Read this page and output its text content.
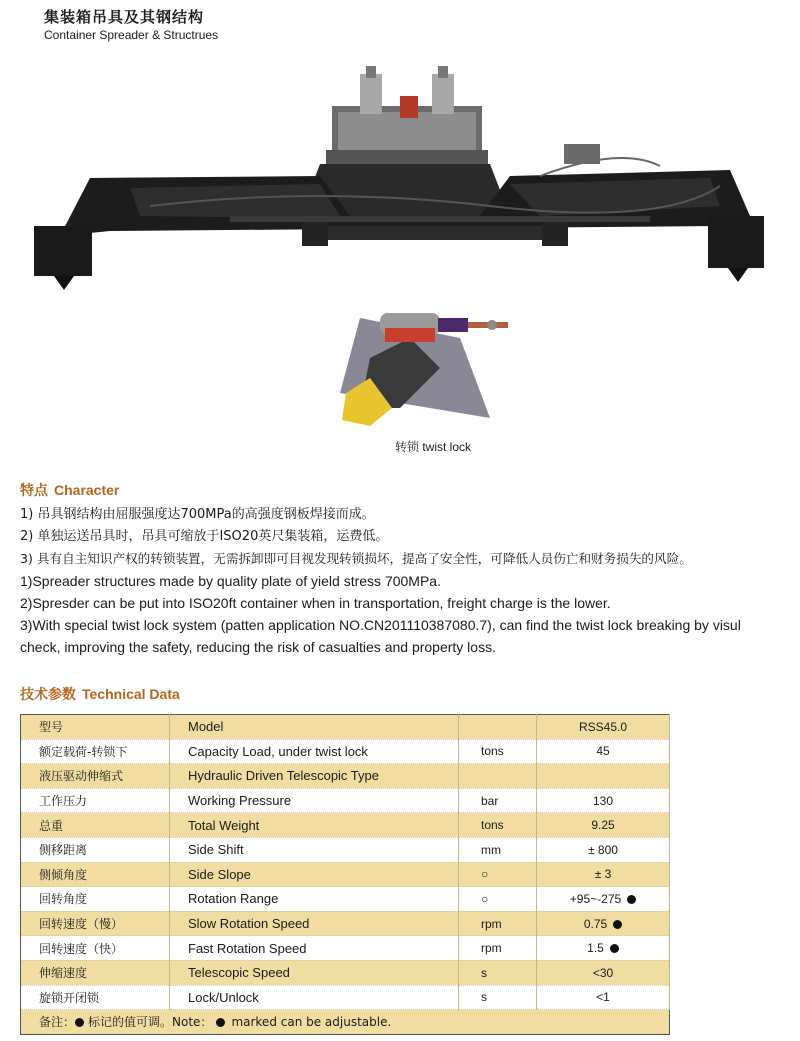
集装箱吊具及其钢结构
Container Spreader & Structrues
转锁 twist lock
特点 Character
1) 吊具钢结构由屈服强度达700MPa的高强度钢板焊接而成。
2) 单独运送吊具时，吊具可缩放于ISO20英尺集装箱，运费低。
3) 具有自主知识产权的转锁装置，无需拆卸即可目视发现转锁损坏，提高了安全性，可降低人员伤亡和财务损失的风险。
1)Spreader structures made by quality plate of yield stress 700MPa.
2)Spresder can be put into ISO20ft container when in transportation, freight charge is the lower.
3)With special twist lock system (patten application NO.CN201110387080.7), can find the twist lock breaking by visul check, improving the safety, reducing the risk of casualties and property loss.
技术参数 Technical Data
型号	Model		RSS45.0
额定载荷-转锁下	Capacity Load, under twist lock	tons	45
液压驱动伸缩式	Hydraulic Driven Telescopic Type		
工作压力	Working Pressure	bar	130
总重	Total Weight	tons	9.25
侧移距离	Side Shift	mm	± 800
侧倾角度	Side Slope	○	± 3
回转角度	Rotation Range	○	+95~-275
回转速度（慢）	Slow Rotation Speed	rpm	0.75
回转速度（快）	Fast Rotation Speed	rpm	1.5
伸缩速度	Telescopic Speed	s	<30
旋锁开闭锁	Lock/Unlock	s	<1
备注： 标记的值可调。Note： marked can be adjustable.			
